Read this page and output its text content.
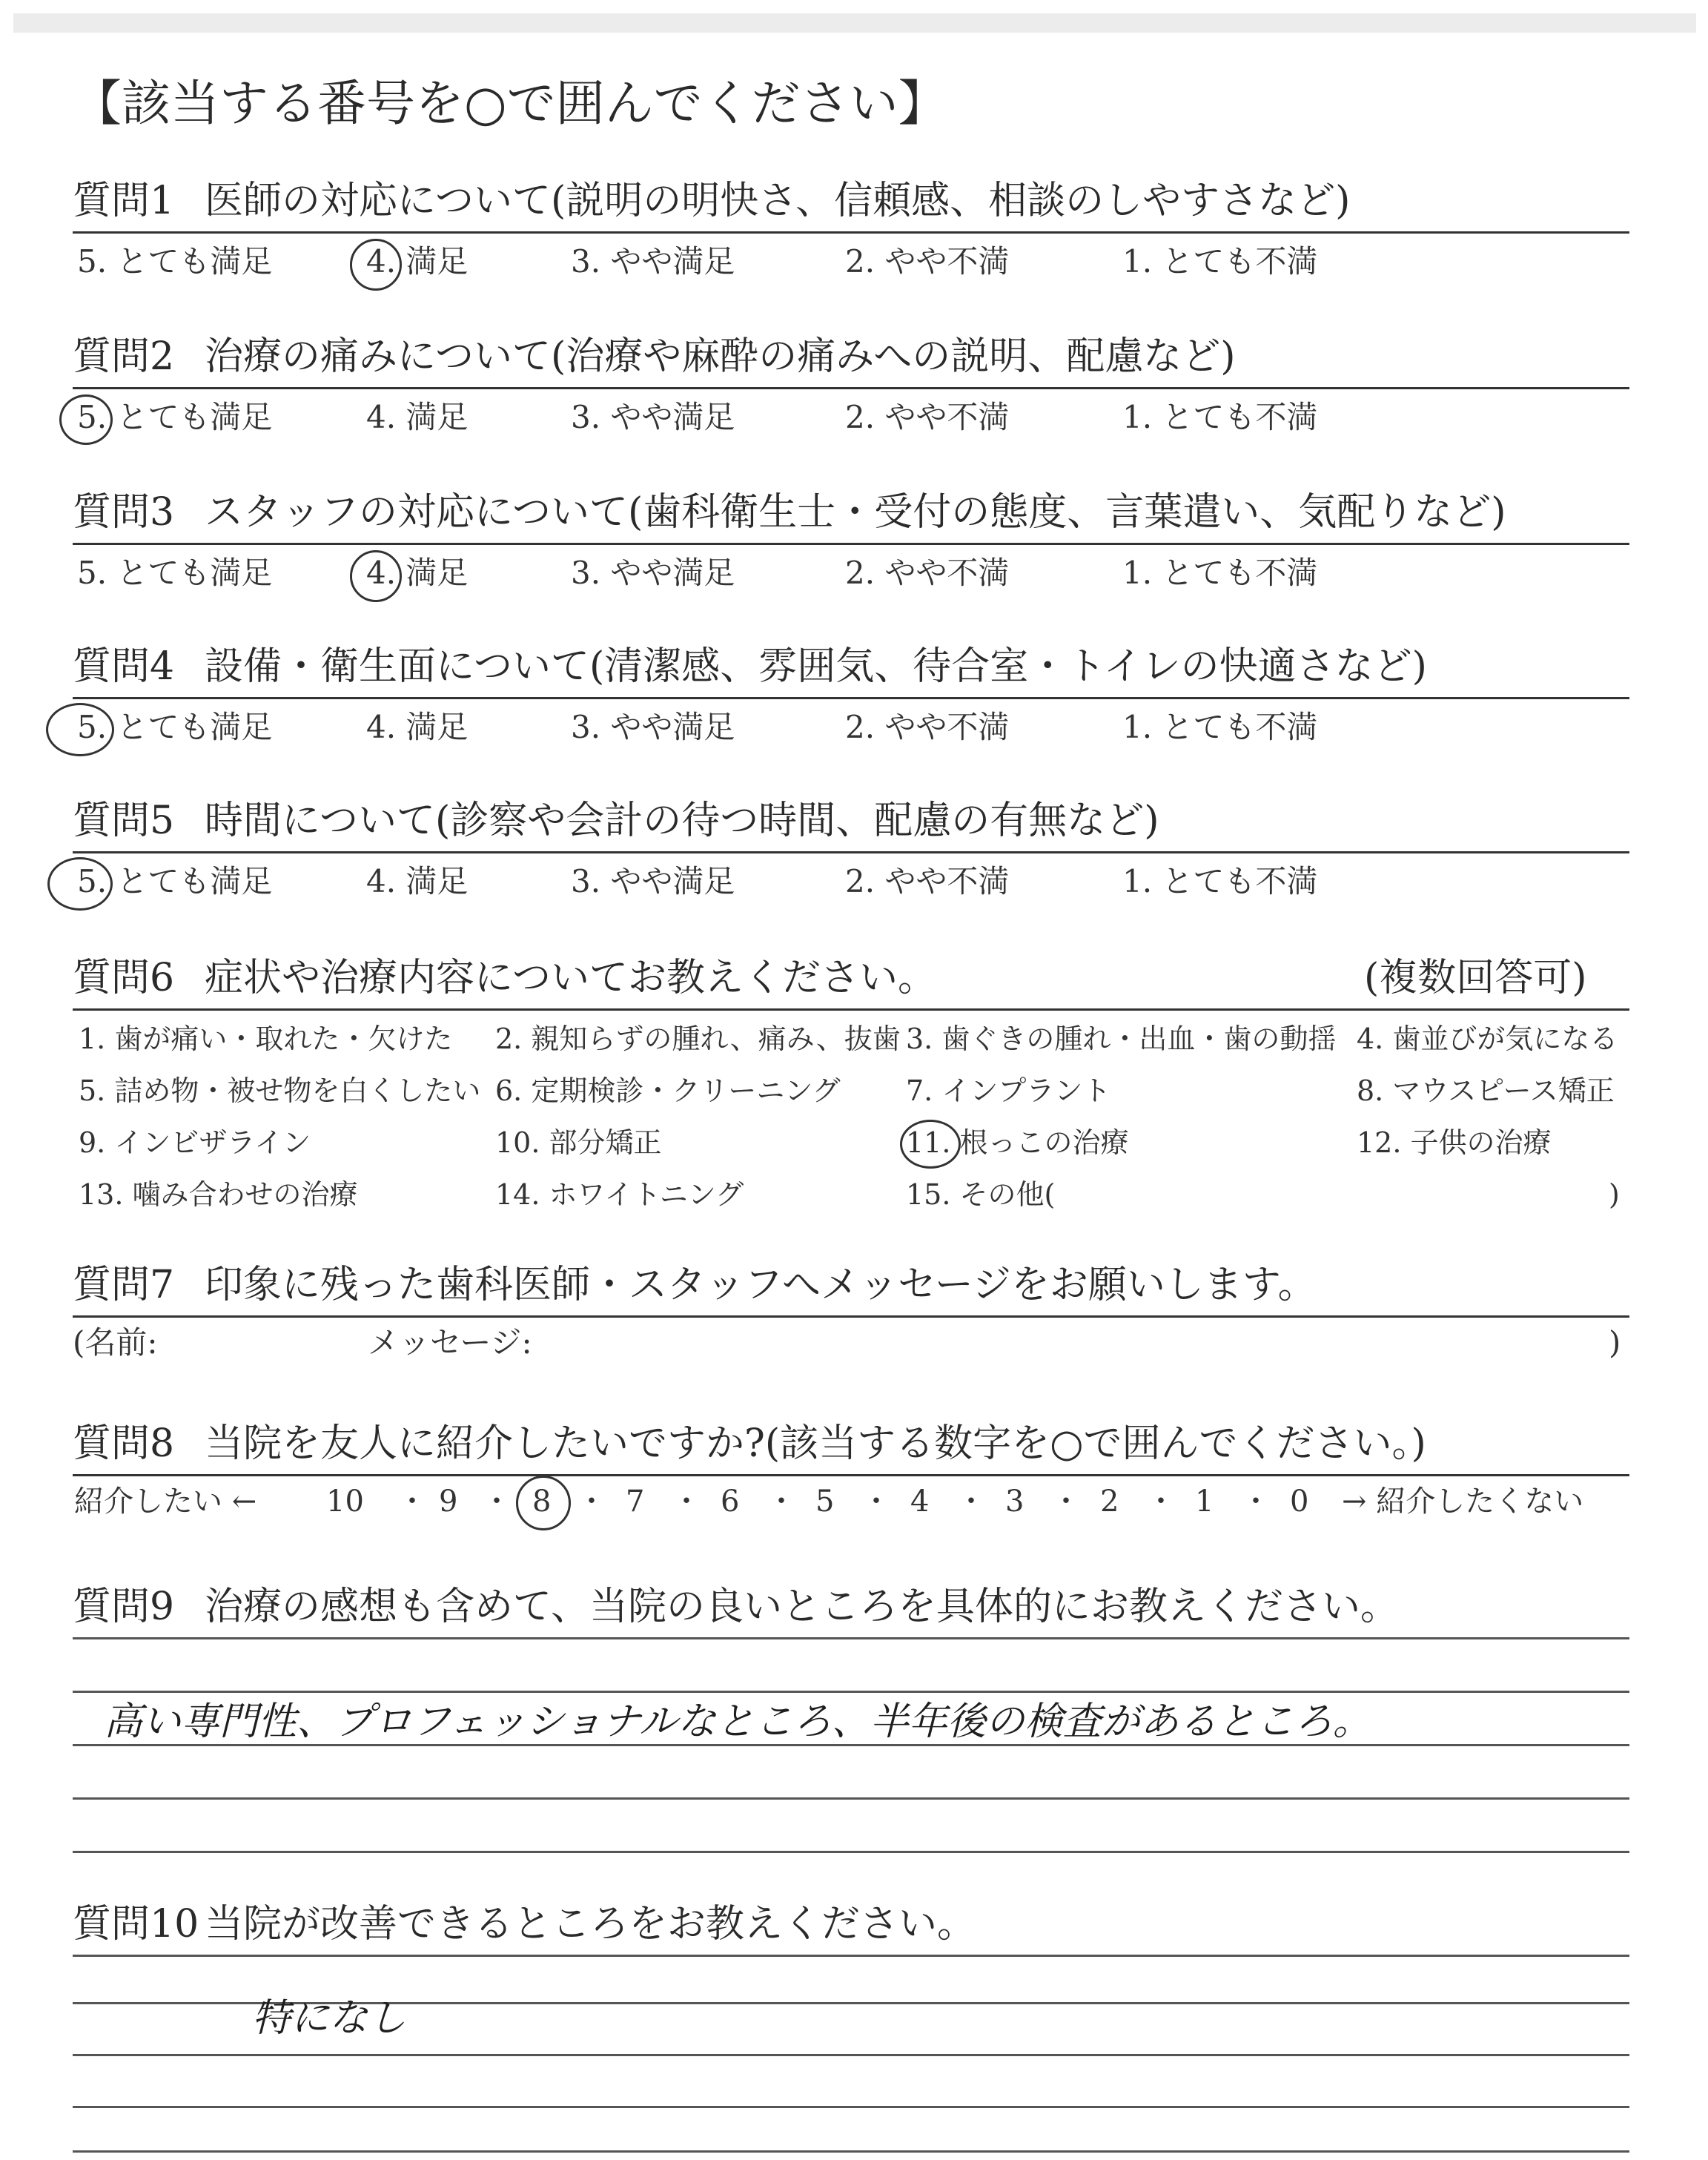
【該当する番号を○で囲んでください】
質問1 医師の対応について(説明の明快さ、信頼感、相談のしやすさなど)
5. とても満足	4. 満足	3. やや満足	2. やや不満	1. とても不満
質問2 治療の痛みについて(治療や麻酔の痛みへの説明、配慮など)
5. とても満足	4. 満足	3. やや満足	2. やや不満	1. とても不満
質問3 スタッフの対応について(歯科衛生士・受付の態度、言葉遣い、気配りなど)
5. とても満足	4. 満足	3. やや満足	2. やや不満	1. とても不満
質問4 設備・衛生面について(清潔感、雰囲気、待合室・トイレの快適さなど)
5. とても満足	4. 満足	3. やや満足	2. やや不満	1. とても不満
質問5 時間について(診察や会計の待つ時間、配慮の有無など)
5. とても満足	4. 満足	3. やや満足	2. やや不満	1. とても不満
質問6 症状や治療内容についてお教えください。	(複数回答可)
1. 歯が痛い・取れた・欠けた 2. 親知らずの腫れ、痛み、抜歯 3. 歯ぐきの腫れ・出血・歯の動揺 4. 歯並びが気になる
5. 詰め物・被せ物を白くしたい 6. 定期検診・クリーニング 7. インプラント	8. マウスピース矯正
9. インビザライン	10. 部分矯正	11. 根っこの治療	12. 子供の治療
13. 噛み合わせの治療	14. ホワイトニング	15. その他(	)
質問7 印象に残った歯科医師・スタッフへメッセージをお願いします。
(名前:	メッセージ:	)
質問8 当院を友人に紹介したいですか?(該当する数字を○で囲んでください。)
紹介したい ← 10 ・ 9 ・ 8 ・ 7 ・ 6 ・ 5 ・ 4 ・ 3 ・ 2 ・ 1 ・ 0 → 紹介したくない
質問9 治療の感想も含めて、当院の良いところを具体的にお教えください。
高い専門性、プロフェッショナルなところ、半年後の検査があるところ。
質問10 当院が改善できるところをお教えください。
特になし
